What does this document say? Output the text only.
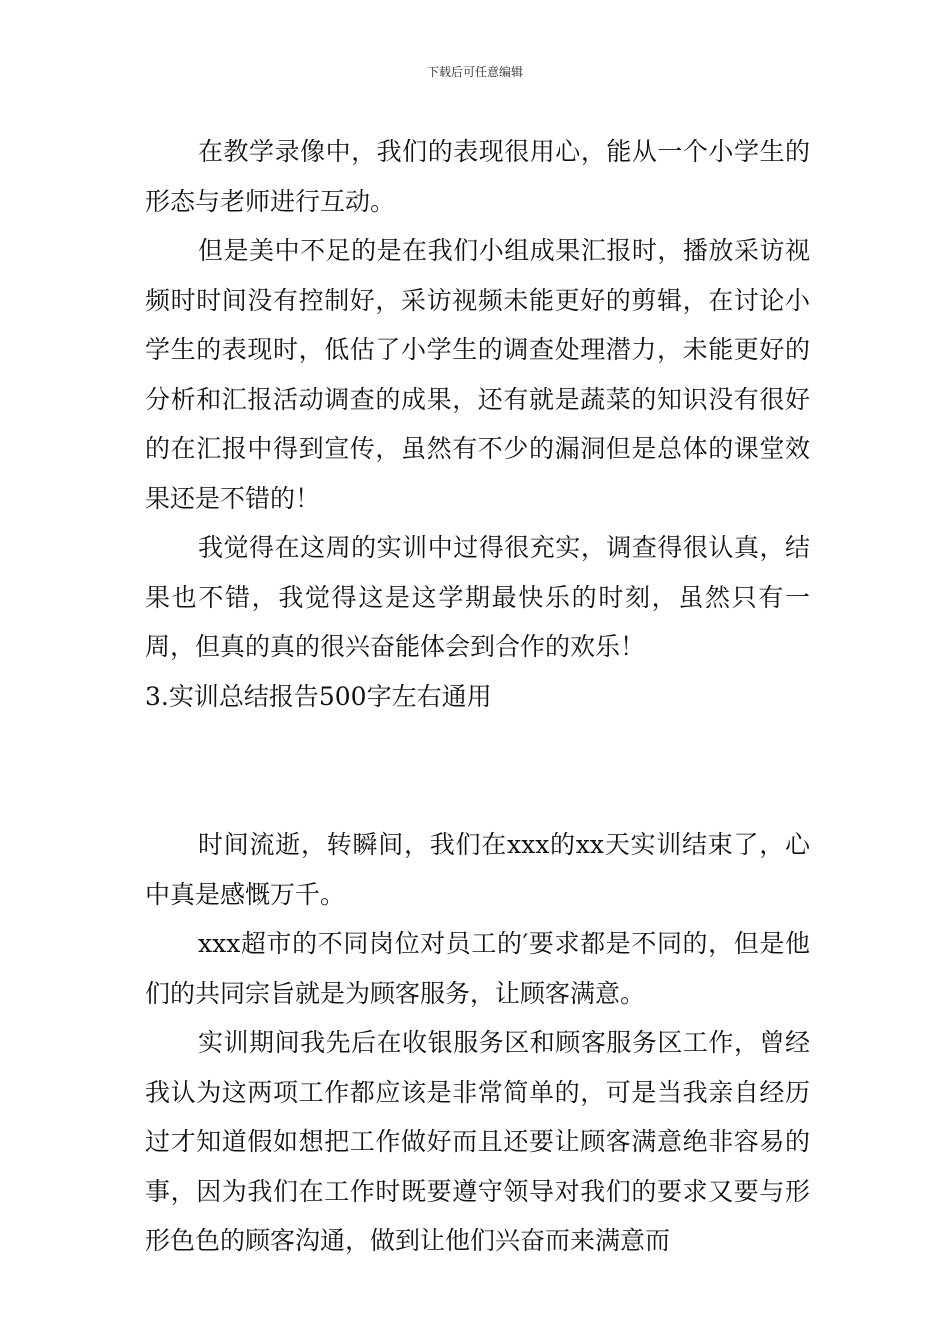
下载后可任意编辑

在教学录像中，我们的表现很用心，能从一个小学生的形态与老师进行互动。

但是美中不足的是在我们小组成果汇报时，播放采访视频时时间没有控制好，采访视频未能更好的剪辑，在讨论小学生的表现时，低估了小学生的调查处理潜力，未能更好的分析和汇报活动调查的成果，还有就是蔬菜的知识没有很好的在汇报中得到宣传，虽然有不少的漏洞但是总体的课堂效果还是不错的！

我觉得在这周的实训中过得很充实，调查得很认真，结果也不错，我觉得这是这学期最快乐的时刻，虽然只有一周，但真的真的很兴奋能体会到合作的欢乐！

3.实训总结报告500字左右通用

时间流逝，转瞬间，我们在xxx的xx天实训结束了，心中真是感慨万千。

xxx超市的不同岗位对员工的′要求都是不同的，但是他们的共同宗旨就是为顾客服务，让顾客满意。

实训期间我先后在收银服务区和顾客服务区工作，曾经我认为这两项工作都应该是非常简单的，可是当我亲自经历过才知道假如想把工作做好而且还要让顾客满意绝非容易的事，因为我们在工作时既要遵守领导对我们的要求又要与形形色色的顾客沟通，做到让他们兴奋而来满意而
